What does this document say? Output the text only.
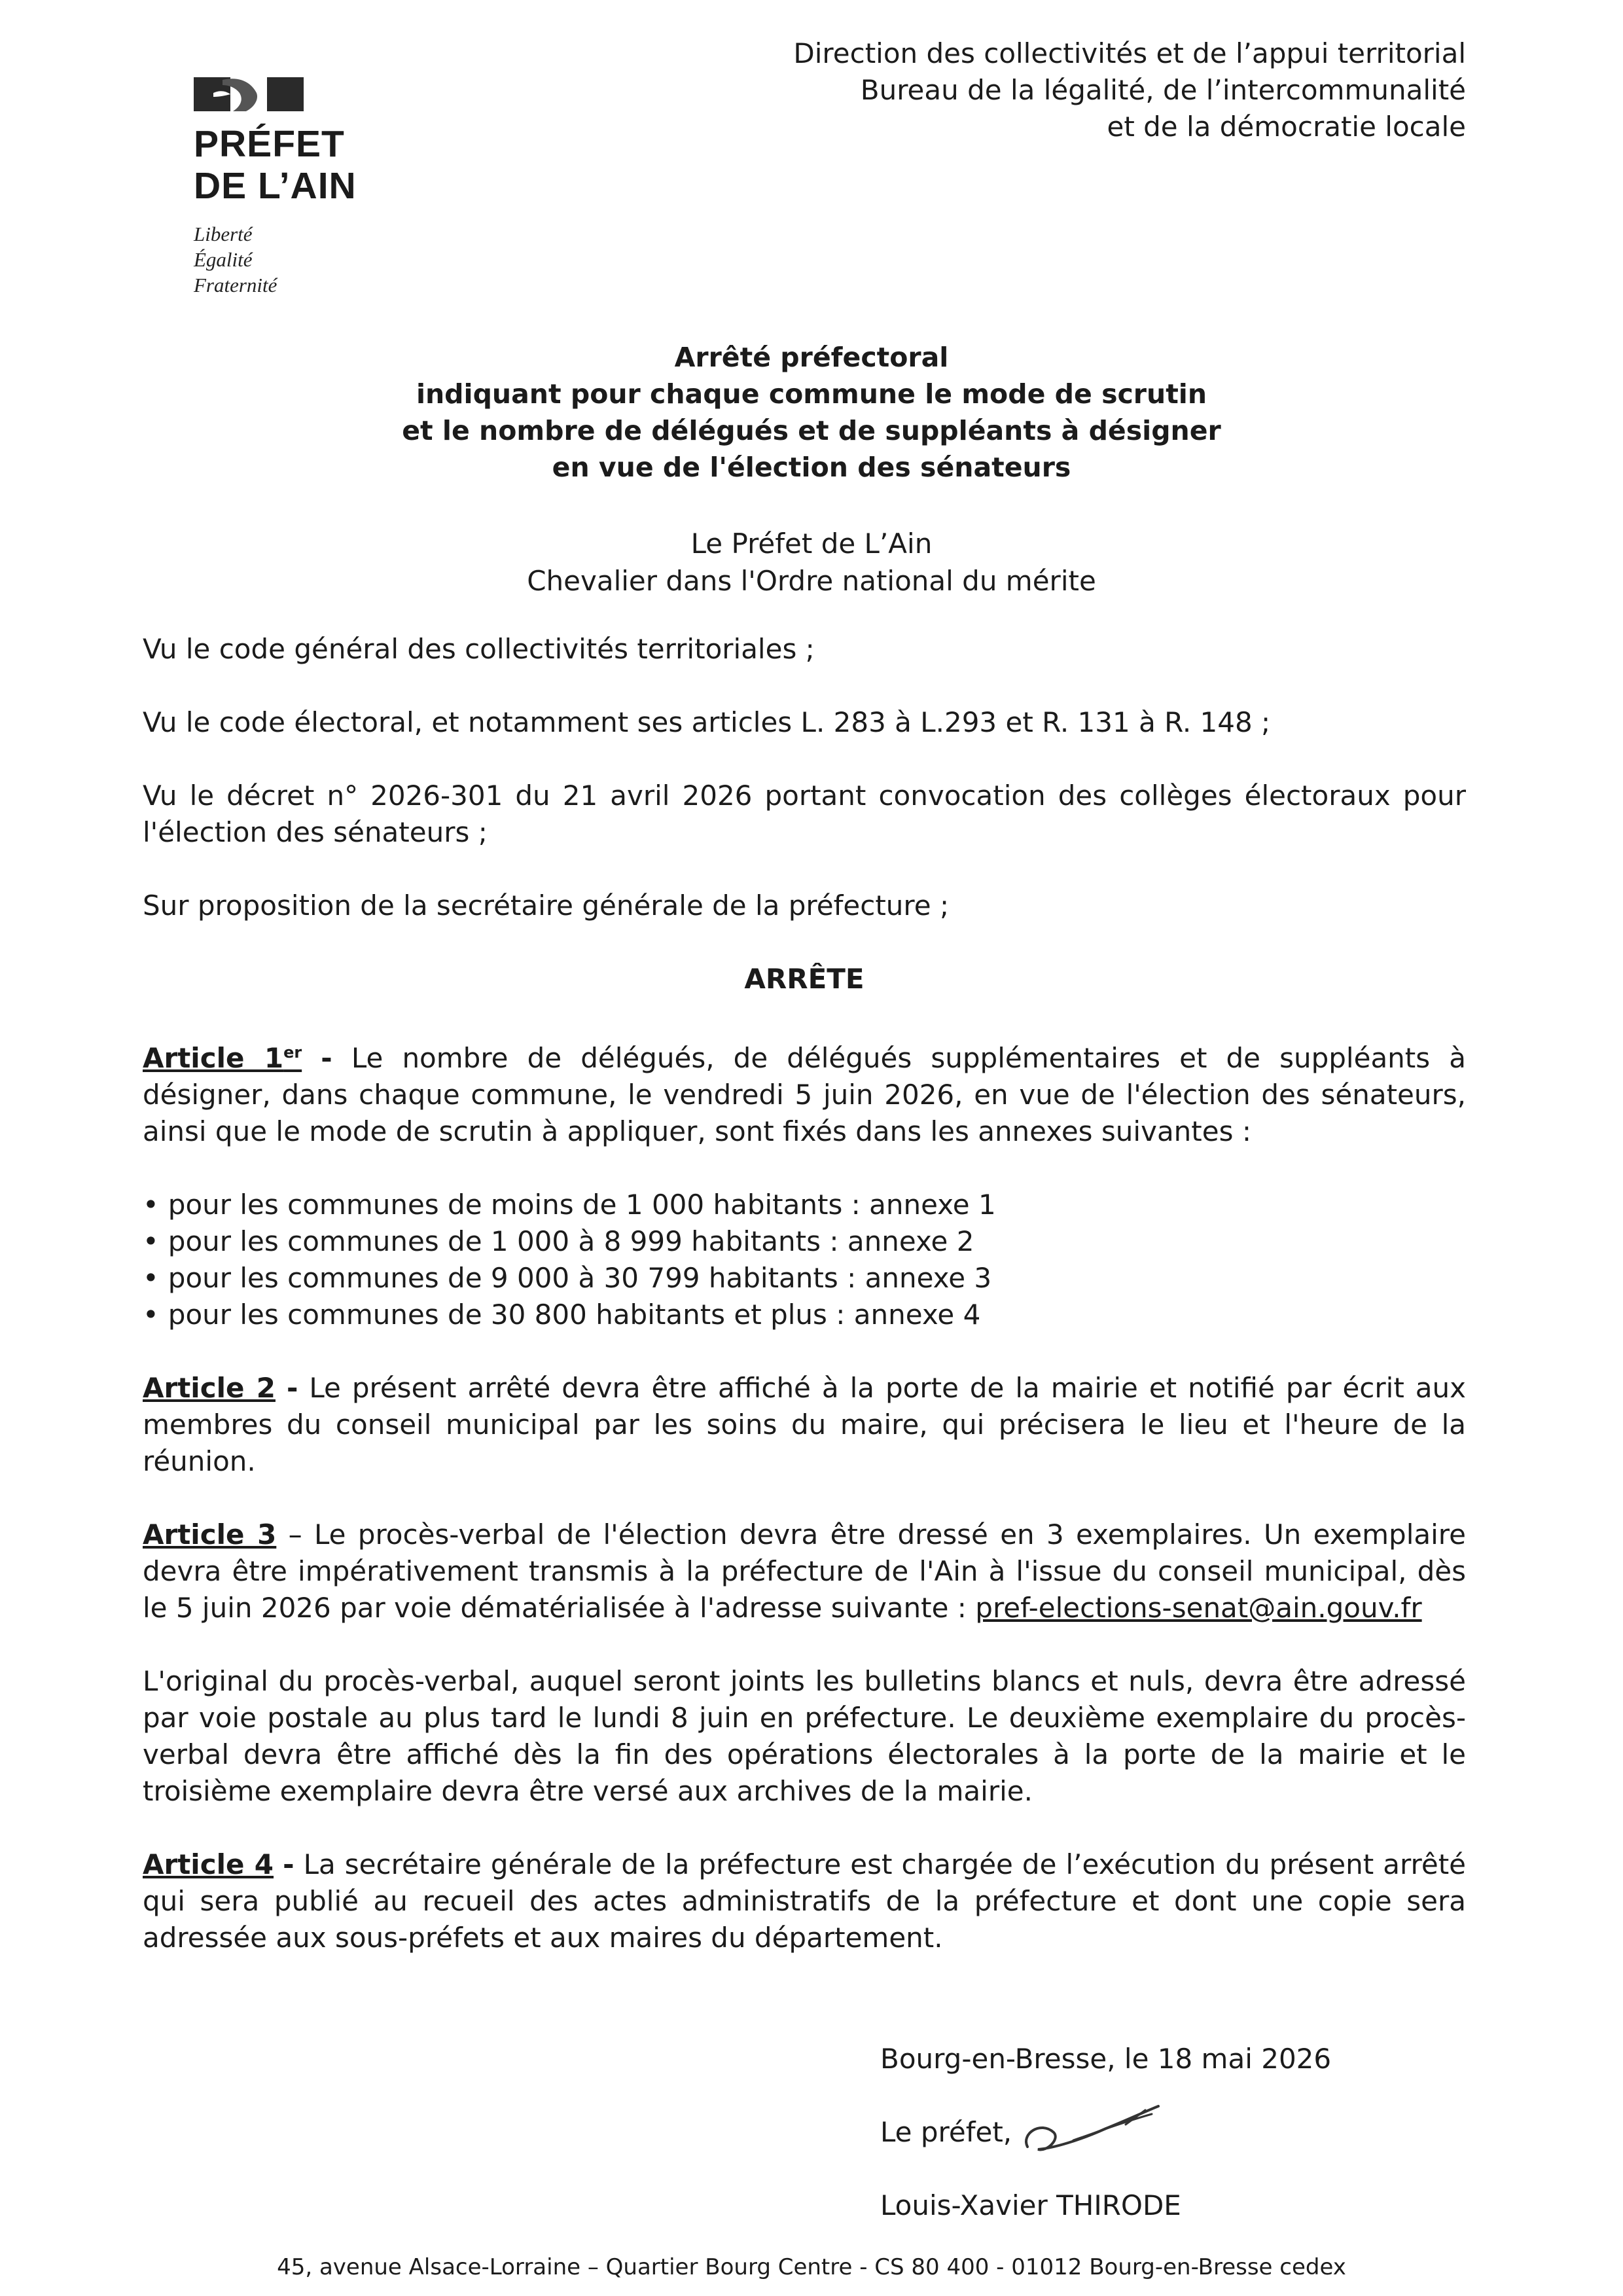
PRÉFET
DE L’AIN
Liberté
Égalité
Fraternité
Direction des collectivités et de l’appui territorial
Bureau de la légalité, de l’intercommunalité
et de la démocratie locale
Arrêté préfectoral
indiquant pour chaque commune le mode de scrutin
et le nombre de délégués et de suppléants à désigner
en vue de l'élection des sénateurs
Le Préfet de L’Ain
Chevalier dans l'Ordre national du mérite

Vu le code général des collectivités territoriales ;

Vu le code électoral, et notamment ses articles L. 283 à L.293 et R. 131 à R. 148 ;

Vu le décret n° 2026-301 du 21 avril 2026 portant convocation des collèges électoraux pour l'élection des sénateurs ;

Sur proposition de la secrétaire générale de la préfecture ;

ARRÊTE

Article 1er - Le nombre de délégués, de délégués supplémentaires et de suppléants à désigner, dans chaque commune, le vendredi 5 juin 2026, en vue de l'élection des sénateurs, ainsi que le mode de scrutin à appliquer, sont fixés dans les annexes suivantes :

• pour les communes de moins de 1 000 habitants : annexe 1
• pour les communes de 1 000 à 8 999 habitants : annexe 2
• pour les communes de 9 000 à 30 799 habitants : annexe 3
• pour les communes de 30 800 habitants et plus : annexe 4

Article 2 - Le présent arrêté devra être affiché à la porte de la mairie et notifié par écrit aux membres du conseil municipal par les soins du maire, qui précisera le lieu et l'heure de la réunion.

Article 3 – Le procès-verbal de l'élection devra être dressé en 3 exemplaires. Un exemplaire devra être impérativement transmis à la préfecture de l'Ain à l'issue du conseil municipal, dès le 5 juin 2026 par voie dématérialisée à l'adresse suivante : pref-elections-senat@ain.gouv.fr

L'original du procès-verbal, auquel seront joints les bulletins blancs et nuls, devra être adressé par voie postale au plus tard le lundi 8 juin en préfecture. Le deuxième exemplaire du procès-verbal devra être affiché dès la fin des opérations électorales à la porte de la mairie et le troisième exemplaire devra être versé aux archives de la mairie.

Article 4 - La secrétaire générale de la préfecture est chargée de l’exécution du présent arrêté qui sera publié au recueil des actes administratifs de la préfecture et dont une copie sera adressée aux sous-préfets et aux maires du département.

Bourg-en-Bresse, le 18 mai 2026
Le préfet,
Louis-Xavier THIRODE
45, avenue Alsace-Lorraine – Quartier Bourg Centre - CS 80 400 - 01012 Bourg-en-Bresse cedex
